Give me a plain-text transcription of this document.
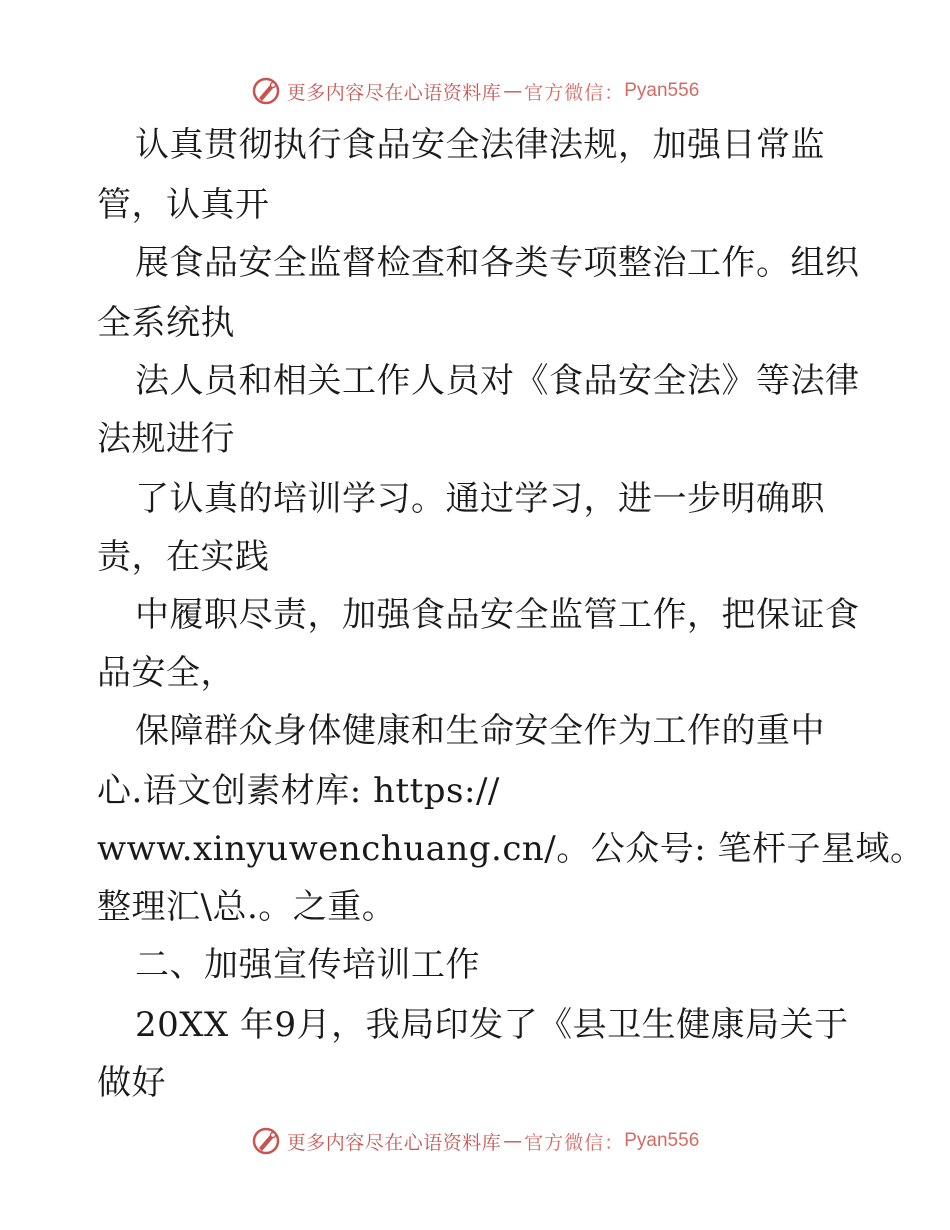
更多内容尽在心语资料库 — 官方微信： Pyan556
认真贯彻执行食品安全法律法规，加强日常监
管，认真开
展食品安全监督检查和各类专项整治工作。组织
全系统执
法人员和相关工作人员对《食品安全法》等法律
法规进行
了认真的培训学习。通过学习，进一步明确职
责，在实践
中履职尽责，加强食品安全监管工作，把保证食
品安全，
保障群众身体健康和生命安全作为工作的重中
心.语文创素材库: https://
www.xinyuwenchuang.cn/。公众号: 笔杆子星域。
整理汇\总.。之重。
二、加强宣传培训工作
20XX 年9月，我局印发了《县卫生健康局关于
做好
更多内容尽在心语资料库 — 官方微信： Pyan556
